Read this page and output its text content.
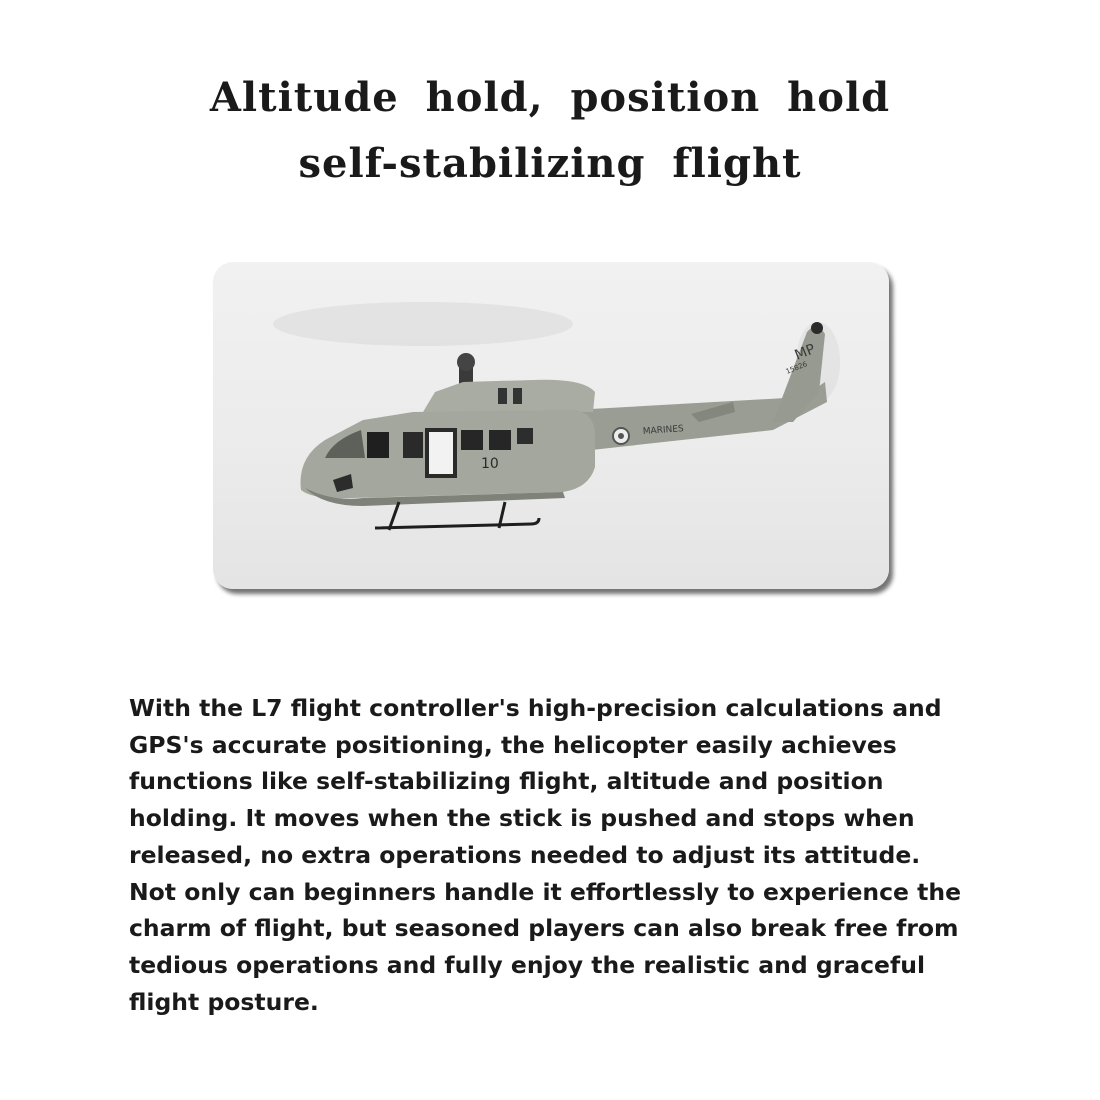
Altitude hold, position hold
self-stabilizing flight
MARINES
10
MP
15826

With the L7 flight controller's high-precision calculations and
GPS's accurate positioning, the helicopter easily achieves
functions like self-stabilizing flight, altitude and position
holding. It moves when the stick is pushed and stops when
released, no extra operations needed to adjust its attitude.
Not only can beginners handle it effortlessly to experience the
charm of flight, but seasoned players can also break free from
tedious operations and fully enjoy the realistic and graceful
flight posture.
